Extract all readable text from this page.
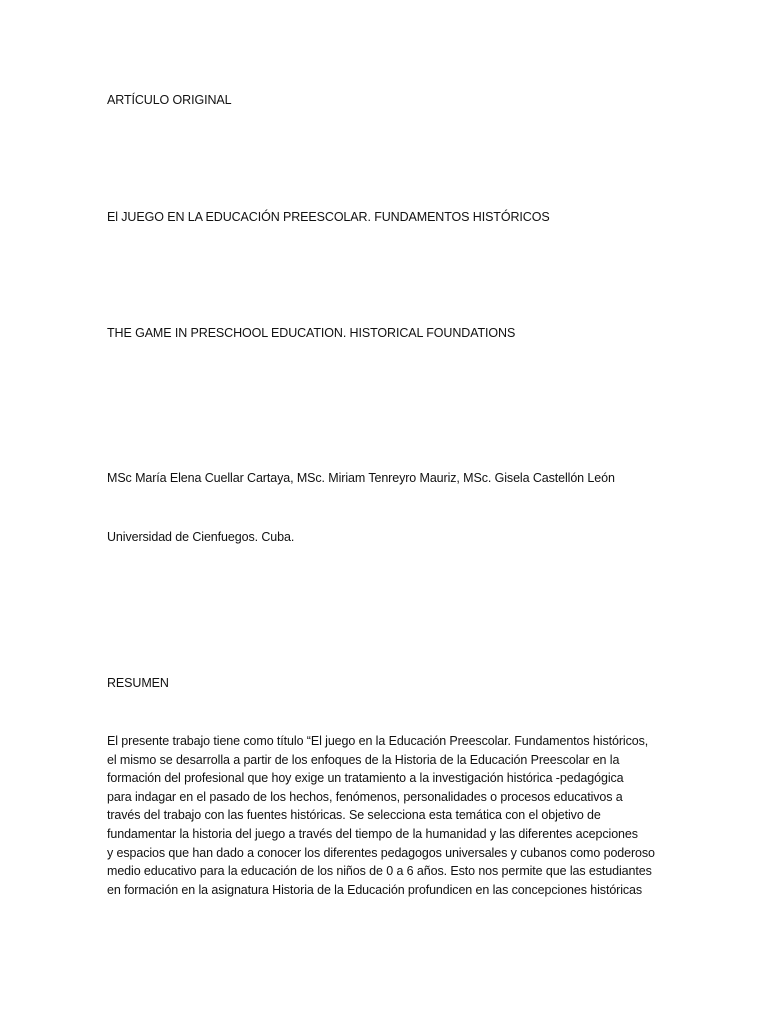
ARTÍCULO ORIGINAL
El JUEGO EN LA EDUCACIÓN PREESCOLAR. FUNDAMENTOS HISTÓRICOS
THE GAME IN PRESCHOOL EDUCATION. HISTORICAL FOUNDATIONS
MSc María Elena Cuellar Cartaya, MSc. Miriam Tenreyro Mauriz, MSc. Gisela Castellón León
Universidad de Cienfuegos. Cuba.
RESUMEN
El presente trabajo tiene como título “El juego en la Educación Preescolar. Fundamentos históricos,
el mismo se desarrolla a partir de los enfoques de la Historia de la Educación Preescolar en la
formación del profesional que hoy exige un tratamiento a la investigación histórica -pedagógica
para indagar en el pasado de los hechos, fenómenos, personalidades o procesos educativos a
través del trabajo con las fuentes históricas. Se selecciona esta temática con el objetivo de
fundamentar la historia del juego a través del tiempo de la humanidad y las diferentes acepciones
y espacios que han dado a conocer los diferentes pedagogos universales y cubanos como poderoso
medio educativo para la educación de los niños de 0 a 6 años. Esto nos permite que las estudiantes
en formación en la asignatura Historia de la Educación profundicen en las concepciones históricas
